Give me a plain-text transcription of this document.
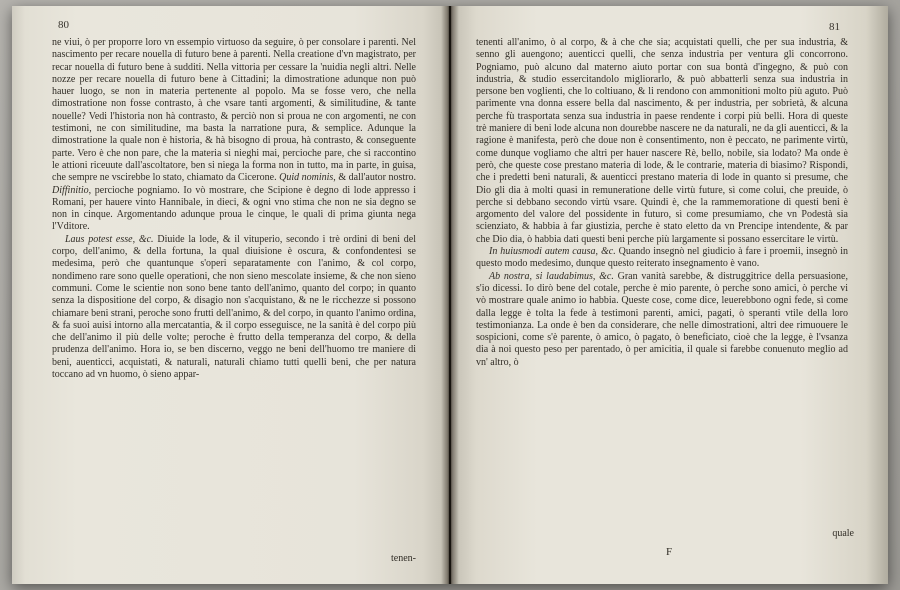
80

ne viui, ò per proporre loro vn essempio virtuoso da seguire, ò per consolare i parenti. Nel nascimento per recare nouella di futuro bene à parenti. Nella creatione d'vn magistrato, per recar nouella di futuro bene à sudditi. Nella vittoria per cessare la 'nuidia negli altri. Nelle nozze per recare nouella di futuro bene à Cittadini; la dimostratione adunque non può hauer luogo, se non in materia pertenente al popolo. Ma se fosse vero, che nella dimostratione non fosse contrasto, à che vsare tanti argomenti, & similitudine, & tante nouelle? Vedi l'historia non hà contrasto, & perciò non si proua ne con argomenti, ne con testimoni, ne con similitudine, ma basta la narratione pura, & semplice. Adunque la dimostratione la quale non è historia, & hà bisogno di proua, hà contrasto, & conseguente parte. Vero è che non pare, che la materia si nieghi mai, percioche pare, che si raccontino le attioni riceuute dall'ascoltatore, ben si niega la forma non in tutto, ma in parte, in guisa, che sempre ne vscirebbe lo stato, chiamato da Cicerone. Quid nominis, & dall'autor nostro. Diffinitio, percioche pogniamo. Io vò mostrare, che Scipione è degno di lode appresso i Romani, per hauere vinto Hannibale, in dieci, & ogni vno stima che non ne sia degno se non in cinque. Argomentando adunque proua le cinque, le quali di prima giunta nega l'Vditore.

Laus potest esse, &c. Diuide la lode, & il vituperio, secondo i trè ordini di beni del corpo, dell'animo, & della fortuna, la qual diuisione è oscura, & confondentesi se medesima, però che quantunque s'operi separatamente con l'animo, & col corpo, nondimeno rare sono quelle operationi, che non sieno mescolate insieme, & che non sieno communi. Come le scientie non sono bene tanto dell'animo, quanto del corpo; in quanto senza la dispositione del corpo, & disagio non s'acquistano, & ne le ricchezze si possono chiamare beni strani, peroche sono frutti dell'animo, & del corpo, in quanto l'animo ordina, & fa suoi auisi intorno alla mercatantia, & il corpo esseguisce, ne la sanità è del corpo più che dell'animo il più delle volte; peroche è frutto della temperanza del corpo, & della prudenza dell'animo. Hora io, se ben discerno, veggo ne beni dell'huomo tre maniere di beni, auenticci, acquistati, & naturali, naturali chiamo tutti quelli beni, che per natura toccano ad vn huomo, ò sieno appar-

tenen-
81

tenenti all'animo, ò al corpo, & à che che sia; acquistati quelli, che per sua industria, & senno gli auengono; auenticci quelli, che senza industria per ventura gli concorrono. Pogniamo, può alcuno dal materno aiuto portar con sua bontà d'ingegno, & può con industria, & studio essercitandolo migliorarlo, & può abbatterli senza sua industria in persone ben voglienti, che lo coltiuano, & li rendono con ammonitioni molto più aguto. Può parimente vna donna essere bella dal nascimento, & per industria, per sobrietà, & alcuna perche fù trasportata senza sua industria in paese rendente i corpi più belli. Hora di queste trè maniere di beni lode alcuna non dourebbe nascere ne da naturali, ne da gli auenticci, & la ragione è manifesta, però che doue non è consentimento, non è peccato, ne parimente virtù, come dunque vogliamo che altri per hauer nascere Rè, bello, nobile, sia lodato? Ma onde è però, che queste cose prestano materia di lode, & le contrarie, materia di biasimo? Rispondi, che i predetti beni naturali, & auenticci prestano materia di lode in quanto si presume, che Dio gli dia à molti quasi in remuneratione delle virtù future, sì come colui, che preuide, ò perche si debbano secondo virtù vsare. Quindi è, che la rammemoratione di questi beni è argomento del valore del possidente in futuro, sì come presumiamo, che vn Podestà sia scienziato, & habbia à far giustizia, perche è stato eletto da vn Prencipe intendente, & par che Dio dia, ò habbia dati questi beni perche più largamente si possano essercitare le virtù.

In huiusmodi autem causa, &c. Quando insegnò nel giudicio à fare i proemii, insegnò in questo modo medesimo, dunque questo reiterato insegnamento è vano.

Ab nostra, si laudabimus, &c. Gran vanità sarebbe, & distruggitrice della persuasione, s'io dicessi. Io dirò bene del cotale, perche è mio parente, ò perche sono amici, ò perche vi vò mostrare quale animo io habbia. Queste cose, come dice, leuerebbono ogni fede, sì come dalla legge è tolta la fede à testimoni parenti, amici, pagati, ò speranti vtile della loro testimonianza. La onde è ben da considerare, che nelle dimostrationi, altri dee rimuouere le sospicioni, come s'è parente, ò amico, ò pagato, ò beneficiato, cioè che la legge, è l'vsanza dia à noi questo peso per parentado, ò per amicitia, il quale si farebbe conuenuto meglio ad vn' altro, ò

quale
F
